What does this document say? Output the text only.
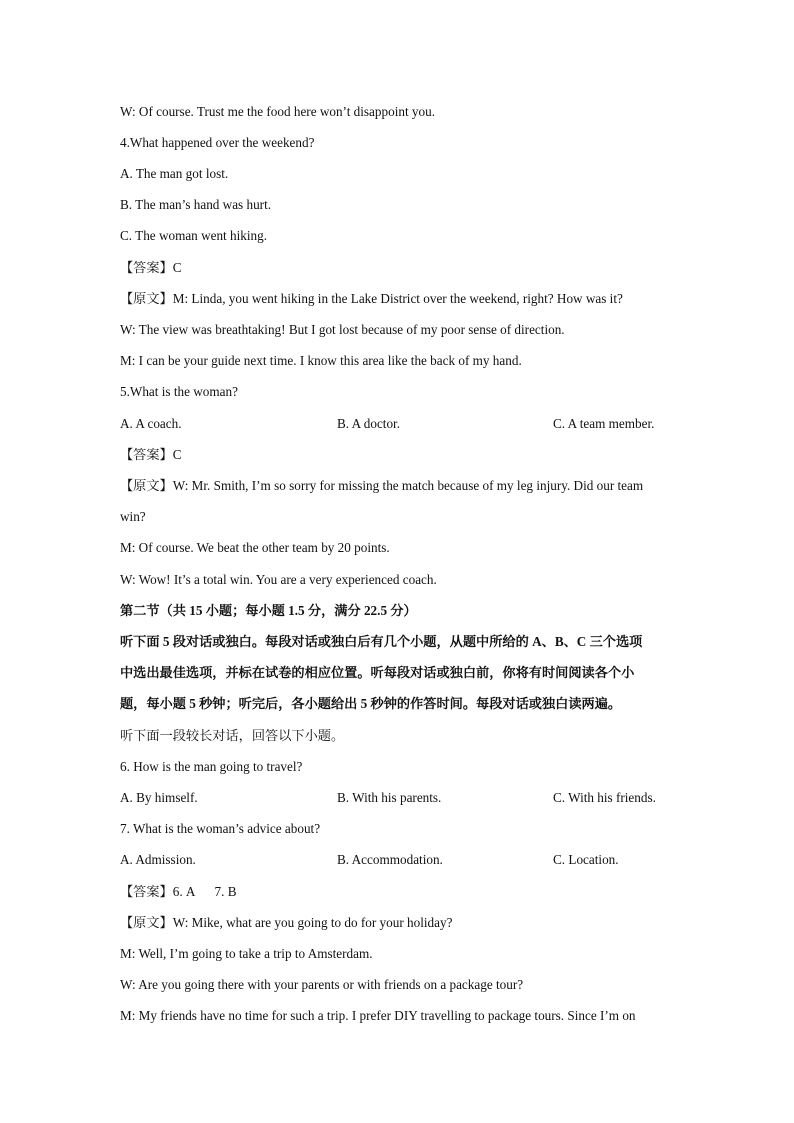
W: Of course. Trust me the food here won’t disappoint you.
4.What happened over the weekend?
A. The man got lost.
B. The man’s hand was hurt.
C. The woman went hiking.
【答案】C
【原文】M: Linda, you went hiking in the Lake District over the weekend, right? How was it?
W: The view was breathtaking! But I got lost because of my poor sense of direction.
M: I can be your guide next time. I know this area like the back of my hand.
5.What is the woman?
A. A coach.	B. A doctor.	C. A team member.
【答案】C
【原文】W: Mr. Smith, I’m so sorry for missing the match because of my leg injury. Did our team
win?
M: Of course. We beat the other team by 20 points.
W: Wow! It’s a total win. You are a very experienced coach.
第二节（共 15 小题；每小题 1.5 分，满分 22.5 分）
听下面 5 段对话或独白。每段对话或独白后有几个小题，从题中所给的 A、B、C 三个选项
中选出最佳选项，并标在试卷的相应位置。听每段对话或独白前，你将有时间阅读各个小
题，每小题 5 秒钟；听完后，各小题给出 5 秒钟的作答时间。每段对话或独白读两遍。
听下面一段较长对话，回答以下小题。
6. How is the man going to travel?
A. By himself.	B. With his parents.	C. With his friends.
7. What is the woman’s advice about?
A. Admission.	B. Accommodation.	C. Location.
【答案】6. A      7. B
【原文】W: Mike, what are you going to do for your holiday?
M: Well, I’m going to take a trip to Amsterdam.
W: Are you going there with your parents or with friends on a package tour?
M: My friends have no time for such a trip. I prefer DIY travelling to package tours. Since I’m on
